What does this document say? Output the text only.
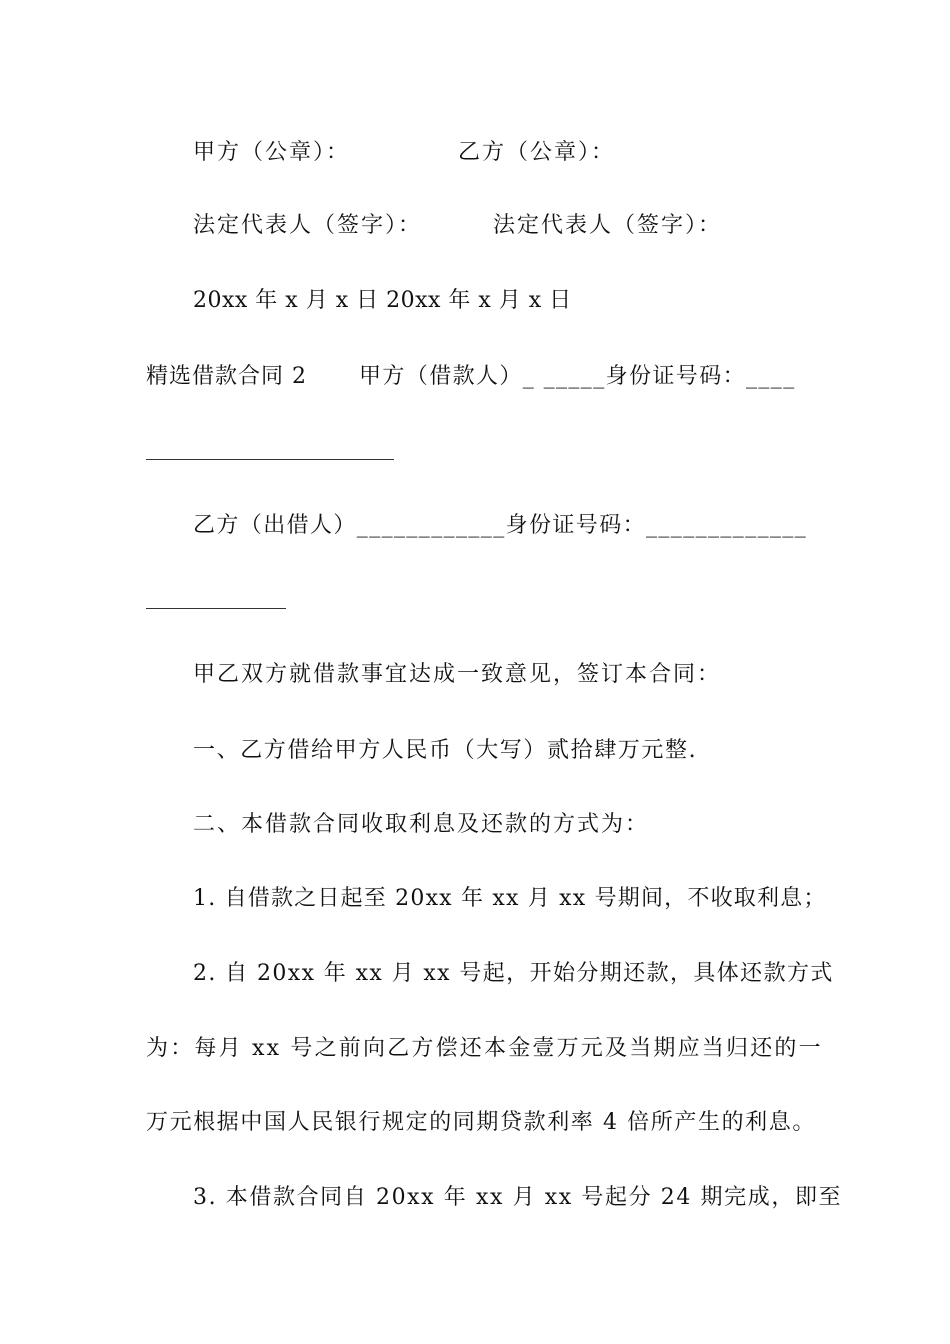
甲方（公章）：	乙方（公章）：
法定代表人（签字）：	法定代表人（签字）：
20xx 年 x 月 x 日 20xx 年 x 月 x 日
精选借款合同 2 甲方（借款人）_ _____身份证号码：____
乙方（出借人）____________身份证号码：_____________
甲乙双方就借款事宜达成一致意见，签订本合同：
一、乙方借给甲方人民币（大写）贰拾肆万元整.
二、本借款合同收取利息及还款的方式为：
1. 自借款之日起至 20xx 年 xx 月 xx 号期间，不收取利息；
2. 自 20xx 年 xx 月 xx 号起，开始分期还款，具体还款方式
为：每月 xx 号之前向乙方偿还本金壹万元及当期应当归还的一
万元根据中国人民银行规定的同期贷款利率 4 倍所产生的利息。
3. 本借款合同自 20xx 年 xx 月 xx 号起分 24 期完成，即至
